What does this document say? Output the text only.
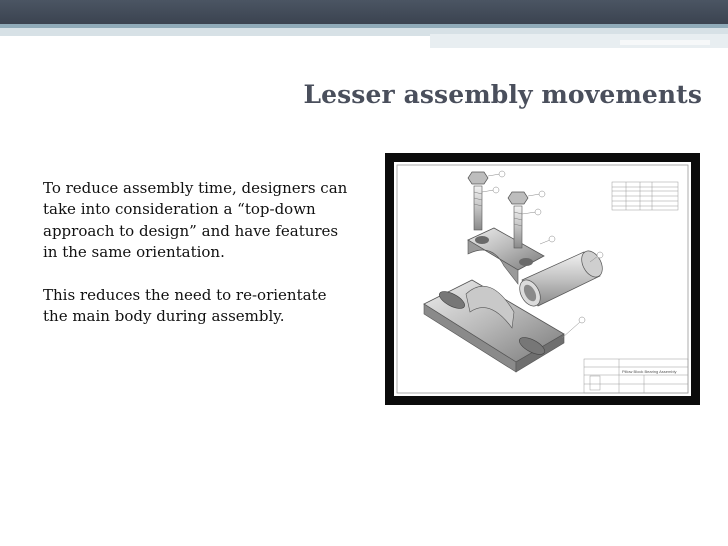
Lesser assembly movements

To reduce assembly time, designers can take into consideration a “top-down approach to design” and have features in the same orientation.

This reduces the need to re-orientate the main body during assembly.

Pillow Block Bearing Assembly
